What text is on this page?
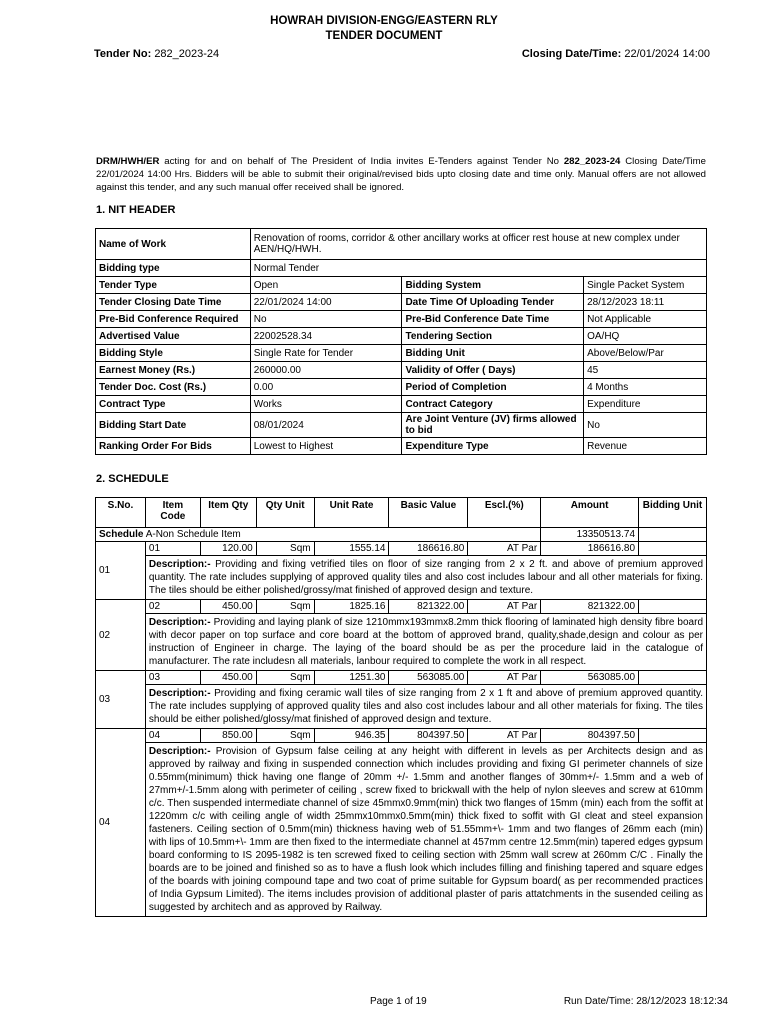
HOWRAH DIVISION-ENGG/EASTERN RLY
TENDER DOCUMENT
Tender No: 282_2023-24	Closing Date/Time: 22/01/2024 14:00
DRM/HWH/ER acting for and on behalf of The President of India invites E-Tenders against Tender No 282_2023-24 Closing Date/Time 22/01/2024 14:00 Hrs. Bidders will be able to submit their original/revised bids upto closing date and time only. Manual offers are not allowed against this tender, and any such manual offer received shall be ignored.
1. NIT HEADER
Name of Work	Renovation of rooms, corridor & other ancillary works at officer rest house at new complex under AEN/HQ/HWH.		
Bidding type	Normal Tender		
Tender Type	Open	Bidding System	Single Packet System
Tender Closing Date Time	22/01/2024 14:00	Date Time Of Uploading Tender	28/12/2023 18:11
Pre-Bid Conference Required	No	Pre-Bid Conference Date Time	Not Applicable
Advertised Value	22002528.34	Tendering Section	OA/HQ
Bidding Style	Single Rate for Tender	Bidding Unit	Above/Below/Par
Earnest Money (Rs.)	260000.00	Validity of Offer ( Days)	45
Tender Doc. Cost (Rs.)	0.00	Period of Completion	4 Months
Contract Type	Works	Contract Category	Expenditure
Bidding Start Date	08/01/2024	Are Joint Venture (JV) firms allowed to bid	No
Ranking Order For Bids	Lowest to Highest	Expenditure Type	Revenue
2. SCHEDULE
S.No.	Item Code	Item Qty	Qty Unit	Unit Rate	Basic Value	Escl.(%)	Amount	Bidding Unit
Schedule A-Non Schedule Item							13350513.74	
01	01	120.00	Sqm	1555.14	186616.80	AT Par	186616.80	
	Description:- Providing and fixing vetrified tiles on floor of size ranging from 2 x 2 ft. and above of premium approved quantity. The rate includes supplying of approved quality tiles and also cost includes labour and all other materials for fixing. The tiles should be either polished/grossy/mat finished of approved design and texture.							
02	02	450.00	Sqm	1825.16	821322.00	AT Par	821322.00	
	Description:- Providing and laying plank of size 1210mmx193mmx8.2mm thick flooring of laminated high density fibre board with decor paper on top surface and core board at the bottom of approved brand, quality,shade,design and colour as per instruction of Engineer in charge. The laying of the board should be as per the procedure laid in the catalogue of manufacturer. The rate includesn all materials, lanbour required to complete the work in all respect.							
03	03	450.00	Sqm	1251.30	563085.00	AT Par	563085.00	
	Description:- Providing and fixing ceramic wall tiles of size ranging from 2 x 1 ft and above of premium approved quantity. The rate includes supplying of approved quality tiles and also cost includes labour and all other materials for fixing. The tiles should be either polished/glossy/mat finished of approved design and texture.							
04	04	850.00	Sqm	946.35	804397.50	AT Par	804397.50	
	Description:- Provision of Gypsum false ceiling at any height with different in levels as per Architects design and as approved by railway and fixing in suspended connection which includes providing and fixing GI perimeter channels of size 0.55mm(minimum) thick having one flange of 20mm +/- 1.5mm and another flanges of 30mm+/- 1.5mm and a web of 27mm+/-1.5mm along with perimeter of ceiling , screw fixed to brickwall with the help of nylon sleeves and screw at 610mm c/c. Then suspended intermediate channel of size 45mmx0.9mm(min) thick two flanges of 15mm (min) each from the soffit at 1220mm c/c with ceiling angle of width 25mmx10mmx0.5mm(min) thick fixed to soffit with GI cleat and steel expansion fasteners. Ceiling section of 0.5mm(min) thickness having web of 51.55mm+\- 1mm and two flanges of 26mm each (min) with lips of 10.5mm+\- 1mm are then fixed to the intermediate channel at 457mm centre 12.5mm(min) tapered edges gypsum board conforming to IS 2095-1982 is ten screwed fixed to ceiling section with 25mm wall screw at 260mm C/C . Finally the boards are to be joined and finished so as to have a flush look which includes filling and finishing tapered and square edges of the boards with joining compound tape and two coat of prime suitable for Gypsum board( as per recommended practices of India Gypsum Limited). The items includes provision of additional plaster of paris attatchments in the susended ceiling as suggested by architech and as approved by Railway.							
Page 1 of 19	Run Date/Time: 28/12/2023 18:12:34
